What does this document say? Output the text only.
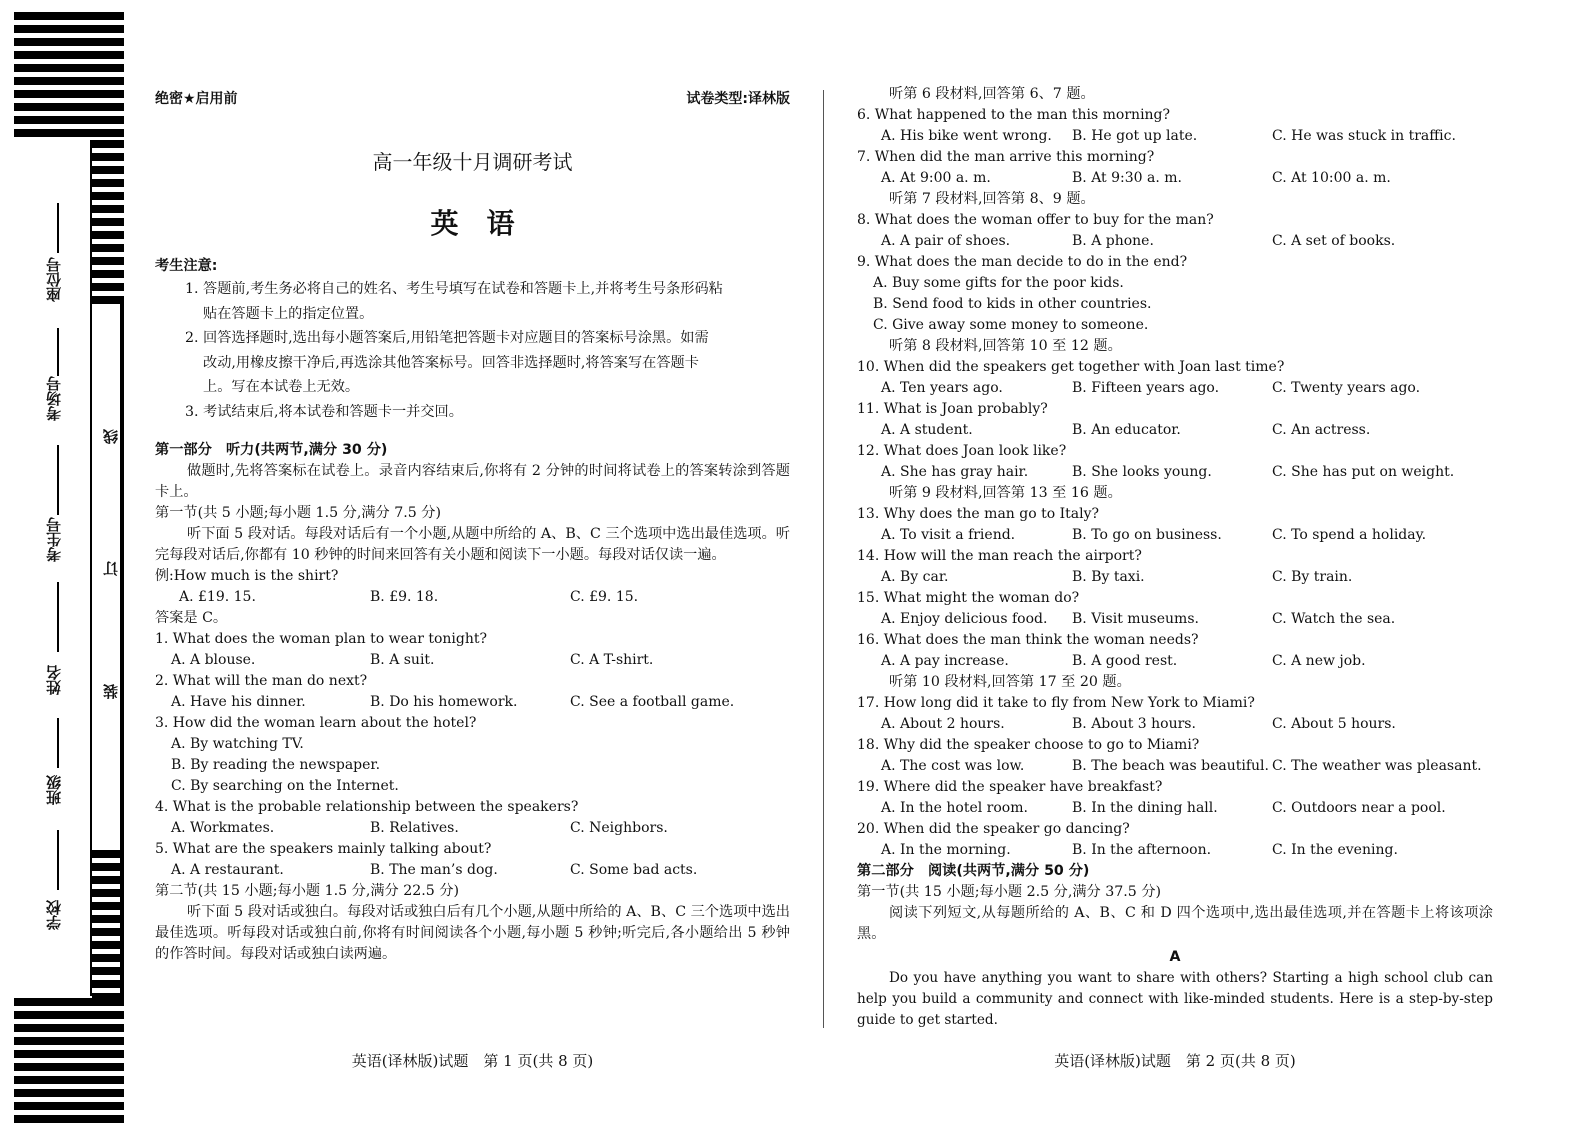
座位号
考场号
考生号
姓名
班级
学校
线
订
装
绝密★启用前	试卷类型:译林版
高一年级十月调研考试
英语
考生注意:
1. 答题前,考生务必将自己的姓名、考生号填写在试卷和答题卡上,并将考生号条形码粘
贴在答题卡上的指定位置。
2. 回答选择题时,选出每小题答案后,用铅笔把答题卡对应题目的答案标号涂黑。如需
改动,用橡皮擦干净后,再选涂其他答案标号。回答非选择题时,将答案写在答题卡
上。写在本试卷上无效。
3. 考试结束后,将本试卷和答题卡一并交回。
第一部分　听力(共两节,满分 30 分)
做题时,先将答案标在试卷上。录音内容结束后,你将有 2 分钟的时间将试卷上的答案转涂到答题卡上。
第一节(共 5 小题;每小题 1.5 分,满分 7.5 分)
听下面 5 段对话。每段对话后有一个小题,从题中所给的 A、B、C 三个选项中选出最佳选项。听完每段对话后,你都有 10 秒钟的时间来回答有关小题和阅读下一小题。每段对话仅读一遍。
例:How much is the shirt?
A. £19. 15.	B. £9. 18.	C. £9. 15.
答案是 C。
1. What does the woman plan to wear tonight?
A. A blouse.	B. A suit.	C. A T-shirt.
2. What will the man do next?
A. Have his dinner.	B. Do his homework.	C. See a football game.
3. How did the woman learn about the hotel?
A. By watching TV.
B. By reading the newspaper.
C. By searching on the Internet.
4. What is the probable relationship between the speakers?
A. Workmates.	B. Relatives.	C. Neighbors.
5. What are the speakers mainly talking about?
A. A restaurant.	B. The man’s dog.	C. Some bad acts.
第二节(共 15 小题;每小题 1.5 分,满分 22.5 分)
听下面 5 段对话或独白。每段对话或独白后有几个小题,从题中所给的 A、B、C 三个选项中选出最佳选项。听每段对话或独白前,你将有时间阅读各个小题,每小题 5 秒钟;听完后,各小题给出 5 秒钟的作答时间。每段对话或独白读两遍。
英语(译林版)试题　第 1 页(共 8 页)
听第 6 段材料,回答第 6、7 题。
6. What happened to the man this morning?
A. His bike went wrong. B. He got up late.	C. He was stuck in traffic.
7. When did the man arrive this morning?
A. At 9:00 a. m.	B. At 9:30 a. m.	C. At 10:00 a. m.
听第 7 段材料,回答第 8、9 题。
8. What does the woman offer to buy for the man?
A. A pair of shoes.	B. A phone.	C. A set of books.
9. What does the man decide to do in the end?
A. Buy some gifts for the poor kids.
B. Send food to kids in other countries.
C. Give away some money to someone.
听第 8 段材料,回答第 10 至 12 题。
10. When did the speakers get together with Joan last time?
A. Ten years ago.	B. Fifteen years ago.	C. Twenty years ago.
11. What is Joan probably?
A. A student.	B. An educator.	C. An actress.
12. What does Joan look like?
A. She has gray hair.	B. She looks young.	C. She has put on weight.
听第 9 段材料,回答第 13 至 16 题。
13. Why does the man go to Italy?
A. To visit a friend.	B. To go on business.	C. To spend a holiday.
14. How will the man reach the airport?
A. By car.	B. By taxi.	C. By train.
15. What might the woman do?
A. Enjoy delicious food. B. Visit museums.	C. Watch the sea.
16. What does the man think the woman needs?
A. A pay increase.	B. A good rest.	C. A new job.
听第 10 段材料,回答第 17 至 20 题。
17. How long did it take to fly from New York to Miami?
A. About 2 hours.	B. About 3 hours.	C. About 5 hours.
18. Why did the speaker choose to go to Miami?
A. The cost was low.	B. The beach was beautiful. C. The weather was pleasant.
19. Where did the speaker have breakfast?
A. In the hotel room.	B. In the dining hall.	C. Outdoors near a pool.
20. When did the speaker go dancing?
A. In the morning.	B. In the afternoon.	C. In the evening.
第二部分　阅读(共两节,满分 50 分)
第一节(共 15 小题;每小题 2.5 分,满分 37.5 分)
阅读下列短文,从每题所给的 A、B、C 和 D 四个选项中,选出最佳选项,并在答题卡上将该项涂黑。
A
Do you have anything you want to share with others? Starting a high school club can help you build a community and connect with like-minded students. Here is a step-by-step guide to get started.
英语(译林版)试题　第 2 页(共 8 页)
